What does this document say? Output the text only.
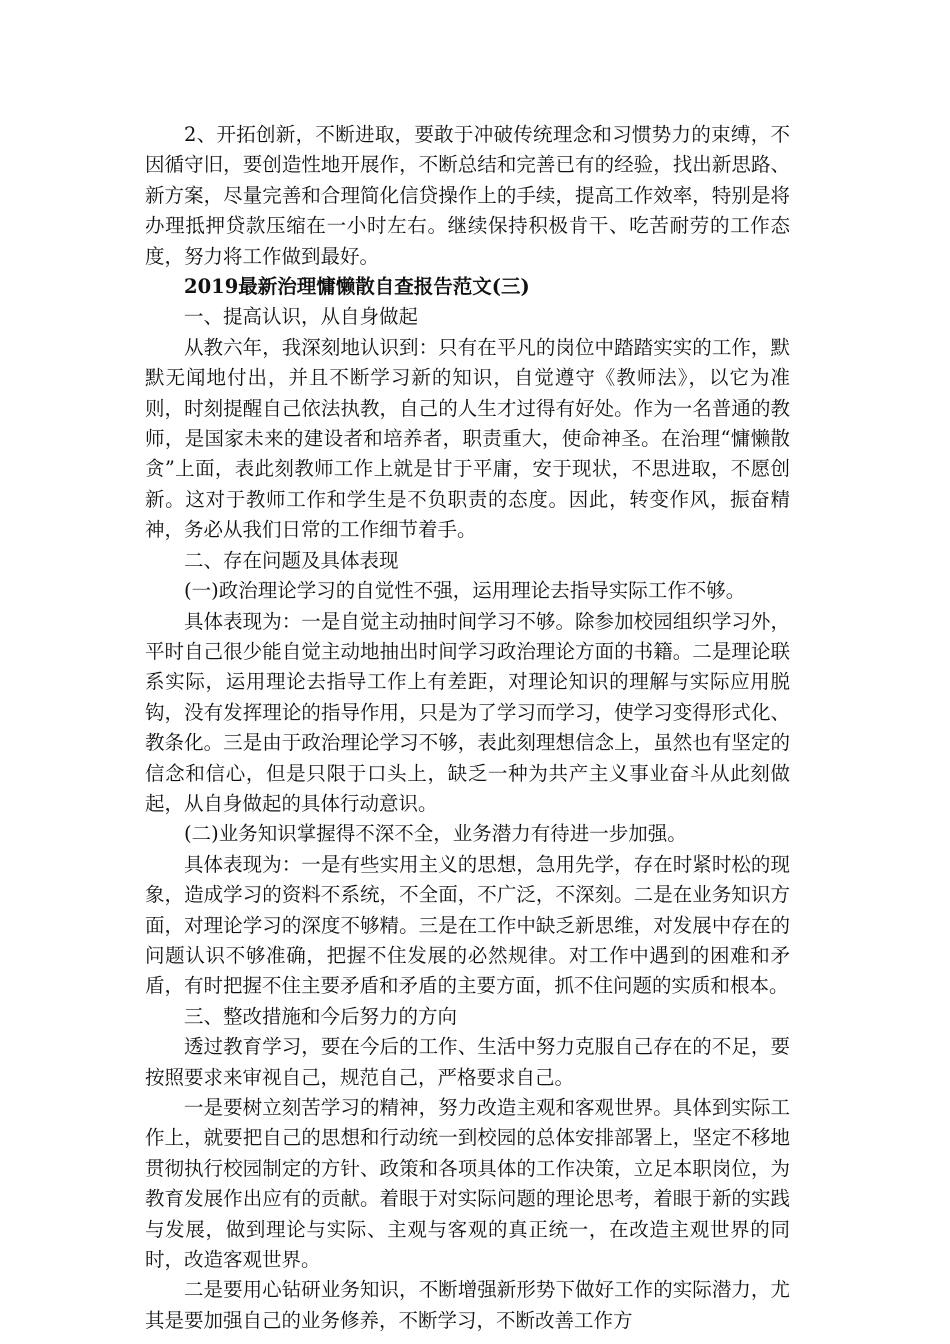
2、开拓创新，不断进取，要敢于冲破传统理念和习惯势力的束缚，不因循守旧，要创造性地开展作，不断总结和完善已有的经验，找出新思路、新方案，尽量完善和合理简化信贷操作上的手续，提高工作效率，特别是将办理抵押贷款压缩在一小时左右。继续保持积极肯干、吃苦耐劳的工作态度，努力将工作做到最好。

2019最新治理慵懒散自查报告范文(三)

一、提高认识，从自身做起

从教六年，我深刻地认识到：只有在平凡的岗位中踏踏实实的工作，默默无闻地付出，并且不断学习新的知识，自觉遵守《教师法》，以它为准则，时刻提醒自己依法执教，自己的人生才过得有好处。作为一名普通的教师，是国家未来的建设者和培养者，职责重大，使命神圣。在治理“慵懒散贪”上面，表此刻教师工作上就是甘于平庸，安于现状，不思进取，不愿创新。这对于教师工作和学生是不负职责的态度。因此，转变作风，振奋精神，务必从我们日常的工作细节着手。

二、存在问题及具体表现

(一)政治理论学习的自觉性不强，运用理论去指导实际工作不够。

具体表现为：一是自觉主动抽时间学习不够。除参加校园组织学习外，平时自己很少能自觉主动地抽出时间学习政治理论方面的书籍。二是理论联系实际，运用理论去指导工作上有差距，对理论知识的理解与实际应用脱钩，没有发挥理论的指导作用，只是为了学习而学习，使学习变得形式化、教条化。三是由于政治理论学习不够，表此刻理想信念上，虽然也有坚定的信念和信心，但是只限于口头上，缺乏一种为共产主义事业奋斗从此刻做起，从自身做起的具体行动意识。

(二)业务知识掌握得不深不全，业务潜力有待进一步加强。

具体表现为：一是有些实用主义的思想，急用先学，存在时紧时松的现象，造成学习的资料不系统，不全面，不广泛，不深刻。二是在业务知识方面，对理论学习的深度不够精。三是在工作中缺乏新思维，对发展中存在的问题认识不够准确，把握不住发展的必然规律。对工作中遇到的困难和矛盾，有时把握不住主要矛盾和矛盾的主要方面，抓不住问题的实质和根本。

三、整改措施和今后努力的方向

透过教育学习，要在今后的工作、生活中努力克服自己存在的不足，要按照要求来审视自己，规范自己，严格要求自己。

一是要树立刻苦学习的精神，努力改造主观和客观世界。具体到实际工作上，就要把自己的思想和行动统一到校园的总体安排部署上，坚定不移地贯彻执行校园制定的方针、政策和各项具体的工作决策，立足本职岗位，为教育发展作出应有的贡献。着眼于对实际问题的理论思考，着眼于新的实践与发展，做到理论与实际、主观与客观的真正统一，在改造主观世界的同时，改造客观世界。

二是要用心钻研业务知识，不断增强新形势下做好工作的实际潜力，尤其是要加强自己的业务修养，不断学习，不断改善工作方
